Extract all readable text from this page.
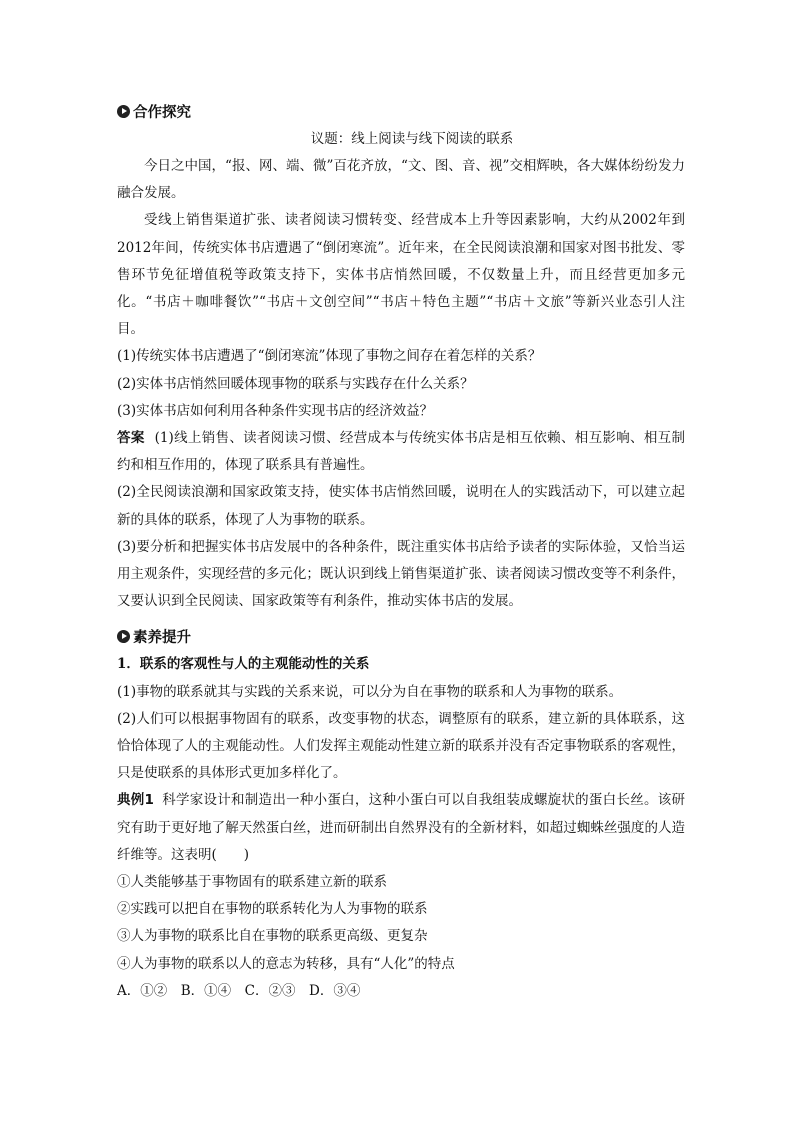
合作探究
议题：线上阅读与线下阅读的联系

今日之中国，“报、网、端、微”百花齐放，“文、图、音、视”交相辉映，各大媒体纷纷发力融合发展。

受线上销售渠道扩张、读者阅读习惯转变、经营成本上升等因素影响，大约从2002年到2012年间，传统实体书店遭遇了“倒闭寒流”。近年来，在全民阅读浪潮和国家对图书批发、零售环节免征增值税等政策支持下，实体书店悄然回暖，不仅数量上升，而且经营更加多元化。“书店＋咖啡餐饮”“书店＋文创空间”“书店＋特色主题”“书店＋文旅”等新兴业态引人注目。

(1)传统实体书店遭遇了“倒闭寒流”体现了事物之间存在着怎样的关系？

(2)实体书店悄然回暖体现事物的联系与实践存在什么关系？

(3)实体书店如何利用各种条件实现书店的经济效益？

答案 (1)线上销售、读者阅读习惯、经营成本与传统实体书店是相互依赖、相互影响、相互制约和相互作用的，体现了联系具有普遍性。

(2)全民阅读浪潮和国家政策支持，使实体书店悄然回暖，说明在人的实践活动下，可以建立起新的具体的联系，体现了人为事物的联系。

(3)要分析和把握实体书店发展中的各种条件，既注重实体书店给予读者的实际体验，又恰当运用主观条件，实现经营的多元化；既认识到线上销售渠道扩张、读者阅读习惯改变等不利条件，又要认识到全民阅读、国家政策等有利条件，推动实体书店的发展。

素养提升

1．联系的客观性与人的主观能动性的关系

(1)事物的联系就其与实践的关系来说，可以分为自在事物的联系和人为事物的联系。

(2)人们可以根据事物固有的联系，改变事物的状态，调整原有的联系，建立新的具体联系，这恰恰体现了人的主观能动性。人们发挥主观能动性建立新的联系并没有否定事物联系的客观性，只是使联系的具体形式更加多样化了。

典例1 科学家设计和制造出一种小蛋白，这种小蛋白可以自我组装成螺旋状的蛋白长丝。该研究有助于更好地了解天然蛋白丝，进而研制出自然界没有的全新材料，如超过蜘蛛丝强度的人造纤维等。这表明(　　)

①人类能够基于事物固有的联系建立新的联系

②实践可以把自在事物的联系转化为人为事物的联系

③人为事物的联系比自在事物的联系更高级、更复杂

④人为事物的联系以人的意志为转移，具有“人化”的特点

A．①②　B．①④　C．②③　D．③④
